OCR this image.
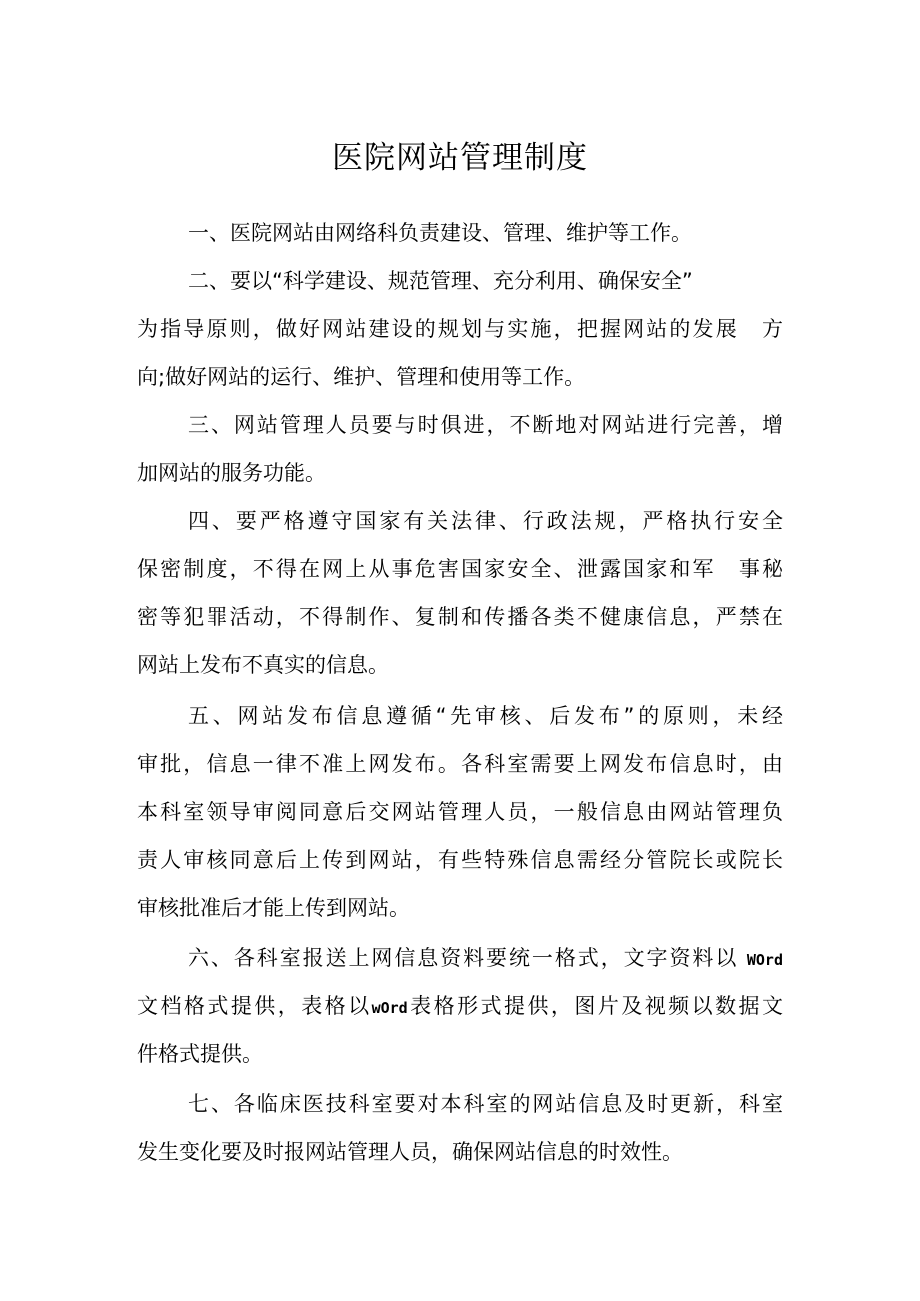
医院网站管理制度
一、医院网站由网络科负责建设、管理、维护等工作。
二、要以“科学建设、规范管理、充分利用、确保安全”
为指导原则，做好网站建设的规划与实施，把握网站的发展　方
向;做好网站的运行、维护、管理和使用等工作。
三、网站管理人员要与时俱进，不断地对网站进行完善，增
加网站的服务功能。
四、要严格遵守国家有关法律、行政法规，严格执行安全
保密制度，不得在网上从事危害国家安全、泄露国家和军　事秘
密等犯罪活动，不得制作、复制和传播各类不健康信息，严禁在
网站上发布不真实的信息。
五、网站发布信息遵循“先审核、后发布”的原则，未经
审批，信息一律不准上网发布。各科室需要上网发布信息时，由
本科室领导审阅同意后交网站管理人员，一般信息由网站管理负
责人审核同意后上传到网站，有些特殊信息需经分管院长或院长
审核批准后才能上传到网站。
六、各科室报送上网信息资料要统一格式，文字资料以 WOrd
文档格式提供，表格以wOrd表格形式提供，图片及视频以数据文
件格式提供。
七、各临床医技科室要对本科室的网站信息及时更新，科室
发生变化要及时报网站管理人员，确保网站信息的时效性。
